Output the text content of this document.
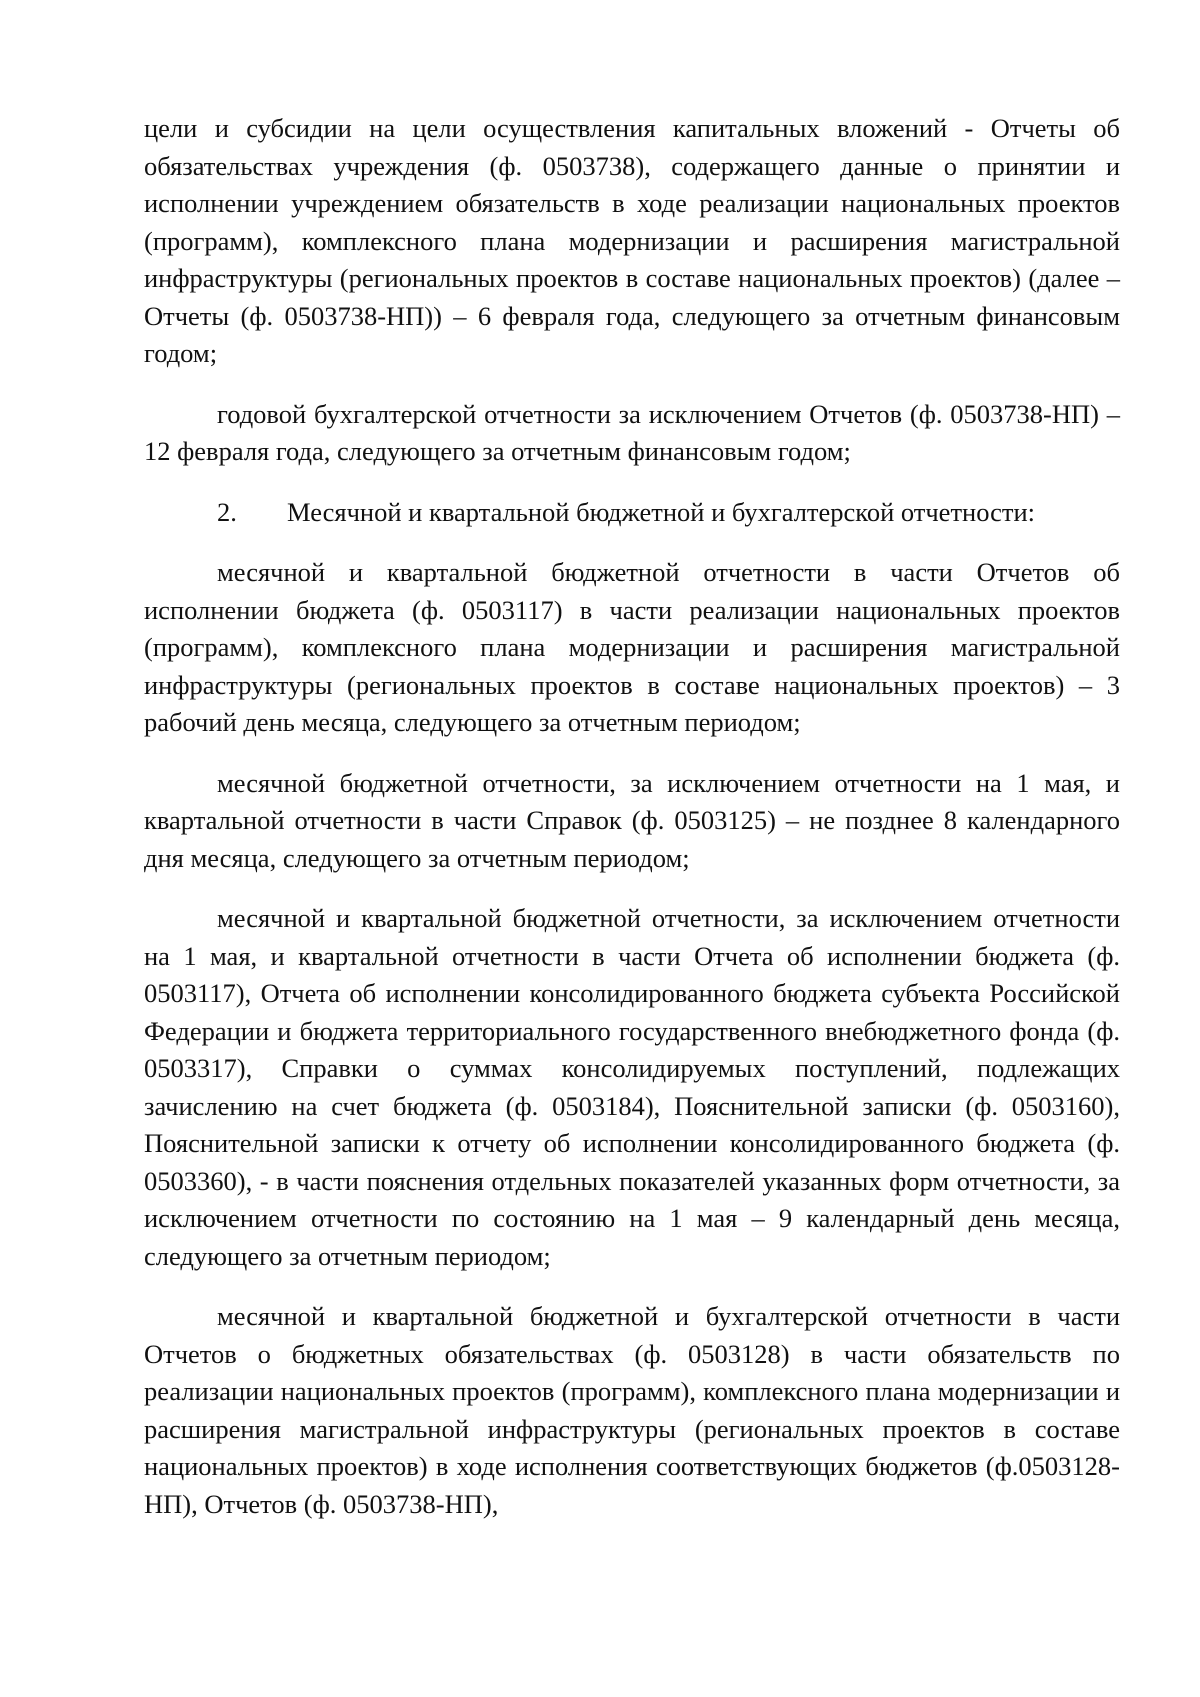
цели и субсидии на цели осуществления капитальных вложений - Отчеты об обязательствах учреждения (ф. 0503738), содержащего данные о принятии и исполнении учреждением обязательств в ходе реализации национальных проектов (программ), комплексного плана модернизации и расширения магистральной инфраструктуры (региональных проектов в составе национальных проектов) (далее – Отчеты (ф. 0503738-НП)) – 6 февраля года, следующего за отчетным финансовым годом;

годовой бухгалтерской отчетности за исключением Отчетов (ф. 0503738-НП) – 12 февраля года, следующего за отчетным финансовым годом;

2. Месячной и квартальной бюджетной и бухгалтерской отчетности:

месячной и квартальной бюджетной отчетности в части Отчетов об исполнении бюджета (ф. 0503117) в части реализации национальных проектов (программ), комплексного плана модернизации и расширения магистральной инфраструктуры (региональных проектов в составе национальных проектов) – 3 рабочий день месяца, следующего за отчетным периодом;

месячной бюджетной отчетности, за исключением отчетности на 1 мая, и квартальной отчетности в части Справок (ф. 0503125) – не позднее 8 календарного дня месяца, следующего за отчетным периодом;

месячной и квартальной бюджетной отчетности, за исключением отчетности на 1 мая, и квартальной отчетности в части Отчета об исполнении бюджета (ф. 0503117), Отчета об исполнении консолидированного бюджета субъекта Российской Федерации и бюджета территориального государственного внебюджетного фонда (ф. 0503317), Справки о суммах консолидируемых поступлений, подлежащих зачислению на счет бюджета (ф. 0503184), Пояснительной записки (ф. 0503160), Пояснительной записки к отчету об исполнении консолидированного бюджета (ф. 0503360), - в части пояснения отдельных показателей указанных форм отчетности, за исключением отчетности по состоянию на 1 мая – 9 календарный день месяца, следующего за отчетным периодом;

месячной и квартальной бюджетной и бухгалтерской отчетности в части Отчетов о бюджетных обязательствах (ф. 0503128) в части обязательств по реализации национальных проектов (программ), комплексного плана модернизации и расширения магистральной инфраструктуры (региональных проектов в составе национальных проектов) в ходе исполнения соответствующих бюджетов (ф.0503128-НП), Отчетов (ф. 0503738-НП),
